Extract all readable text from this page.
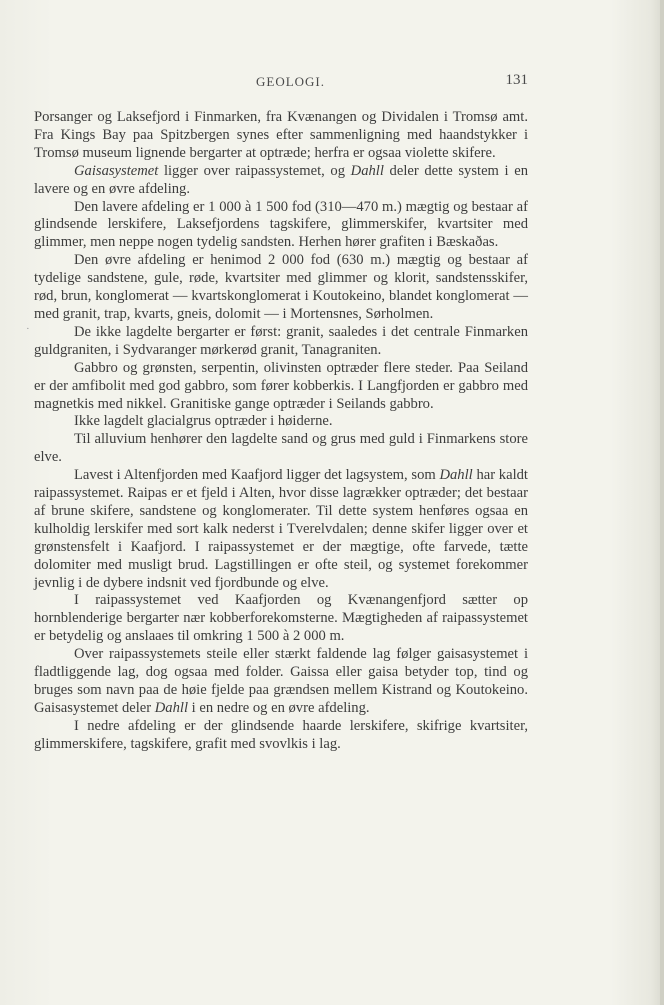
GEOLOGI.	131
·

Porsanger og Laksefjord i Finmarken, fra Kvænangen og Dividalen i Tromsø amt. Fra Kings Bay paa Spitzbergen synes efter sammenligning med haandstykker i Tromsø museum lignende bergarter at optræde; herfra er ogsaa violette skifere.

Gaisasystemet ligger over raipassystemet, og Dahll deler dette system i en lavere og en øvre afdeling.

Den lavere afdeling er 1 000 à 1 500 fod (310—470 m.) mægtig og bestaar af glindsende lerskifere, Laksefjordens tagskifere, glimmerskifer, kvartsiter med glimmer, men neppe nogen tydelig sandsten. Herhen hører grafiten i Bæskaðas.

Den øvre afdeling er henimod 2 000 fod (630 m.) mægtig og bestaar af tydelige sandstene, gule, røde, kvartsiter med glimmer og klorit, sandstensskifer, rød, brun, konglomerat — kvartskonglomerat i Koutokeino, blandet konglomerat — med granit, trap, kvarts, gneis, dolomit — i Mortensnes, Sørholmen.

De ikke lagdelte bergarter er først: granit, saaledes i det centrale Finmarken guldgraniten, i Sydvaranger mørkerød granit, Tanagraniten.

Gabbro og grønsten, serpentin, olivinsten optræder flere steder. Paa Seiland er der amfibolit med god gabbro, som fører kobberkis. I Langfjorden er gabbro med magnetkis med nikkel. Granitiske gange optræder i Seilands gabbro.

Ikke lagdelt glacialgrus optræder i høiderne.

Til alluvium henhører den lagdelte sand og grus med guld i Finmarkens store elve.

Lavest i Altenfjorden med Kaafjord ligger det lagsystem, som Dahll har kaldt raipassystemet. Raipas er et fjeld i Alten, hvor disse lagrækker optræder; det bestaar af brune skifere, sandstene og konglomerater. Til dette system henføres ogsaa en kulholdig lerskifer med sort kalk nederst i Tverelvdalen; denne skifer ligger over et grønstensfelt i Kaafjord. I raipassystemet er der mægtige, ofte farvede, tætte dolomiter med musligt brud. Lagstillingen er ofte steil, og systemet forekommer jevnlig i de dybere indsnit ved fjordbunde og elve.

I raipassystemet ved Kaafjorden og Kvænangenfjord sætter op hornblenderige bergarter nær kobberforekomsterne. Mægtigheden af raipassystemet er betydelig og anslaaes til omkring 1 500 à 2 000 m.

Over raipassystemets steile eller stærkt faldende lag følger gaisasystemet i fladtliggende lag, dog ogsaa med folder. Gaissa eller gaisa betyder top, tind og bruges som navn paa de høie fjelde paa grændsen mellem Kistrand og Koutokeino. Gaisasystemet deler Dahll i en nedre og en øvre afdeling.

I nedre afdeling er der glindsende haarde lerskifere, skifrige kvartsiter, glimmerskifere, tagskifere, grafit med svovlkis i lag.
